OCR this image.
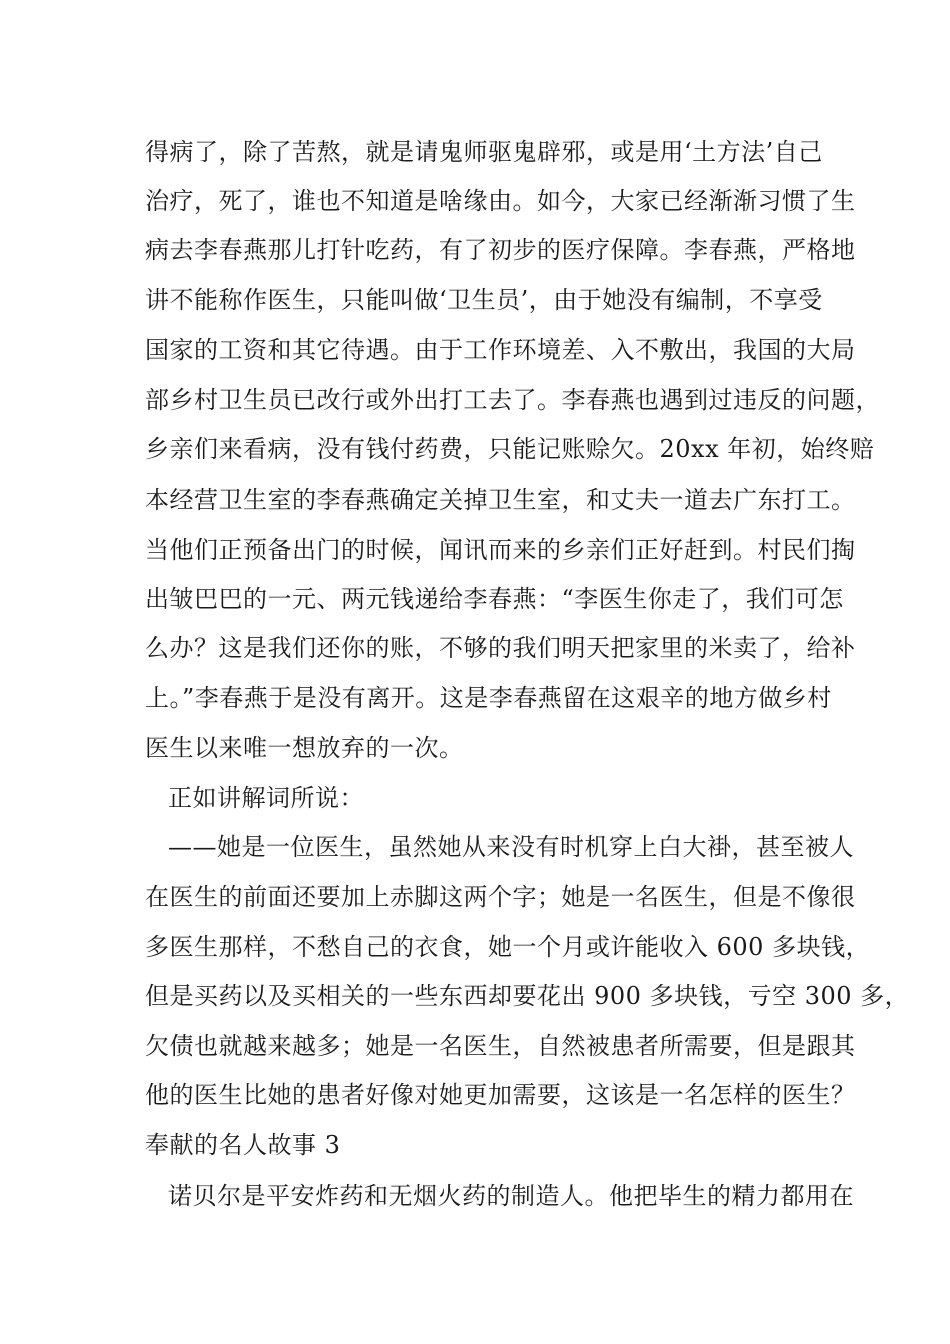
得病了，除了苦熬，就是请鬼师驱鬼辟邪，或是用‘土方法’自己
治疗，死了，谁也不知道是啥缘由。如今，大家已经渐渐习惯了生
病去李春燕那儿打针吃药，有了初步的医疗保障。李春燕，严格地
讲不能称作医生，只能叫做‘卫生员’，由于她没有编制，不享受
国家的工资和其它待遇。由于工作环境差、入不敷出，我国的大局
部乡村卫生员已改行或外出打工去了。李春燕也遇到过违反的问题，
乡亲们来看病，没有钱付药费，只能记账赊欠。20xx 年初，始终赔
本经营卫生室的李春燕确定关掉卫生室，和丈夫一道去广东打工。
当他们正预备出门的时候，闻讯而来的乡亲们正好赶到。村民们掏
出皱巴巴的一元、两元钱递给李春燕：“李医生你走了，我们可怎
么办？这是我们还你的账，不够的我们明天把家里的米卖了，给补
上。”李春燕于是没有离开。这是李春燕留在这艰辛的地方做乡村
医生以来唯一想放弃的一次。
正如讲解词所说：
——她是一位医生，虽然她从来没有时机穿上白大褂，甚至被人
在医生的前面还要加上赤脚这两个字；她是一名医生，但是不像很
多医生那样，不愁自己的衣食，她一个月或许能收入 600 多块钱，
但是买药以及买相关的一些东西却要花出 900 多块钱，亏空 300 多，
欠债也就越来越多；她是一名医生，自然被患者所需要，但是跟其
他的医生比她的患者好像对她更加需要，这该是一名怎样的医生？
奉献的名人故事 3
诺贝尔是平安炸药和无烟火药的制造人。他把毕生的精力都用在
